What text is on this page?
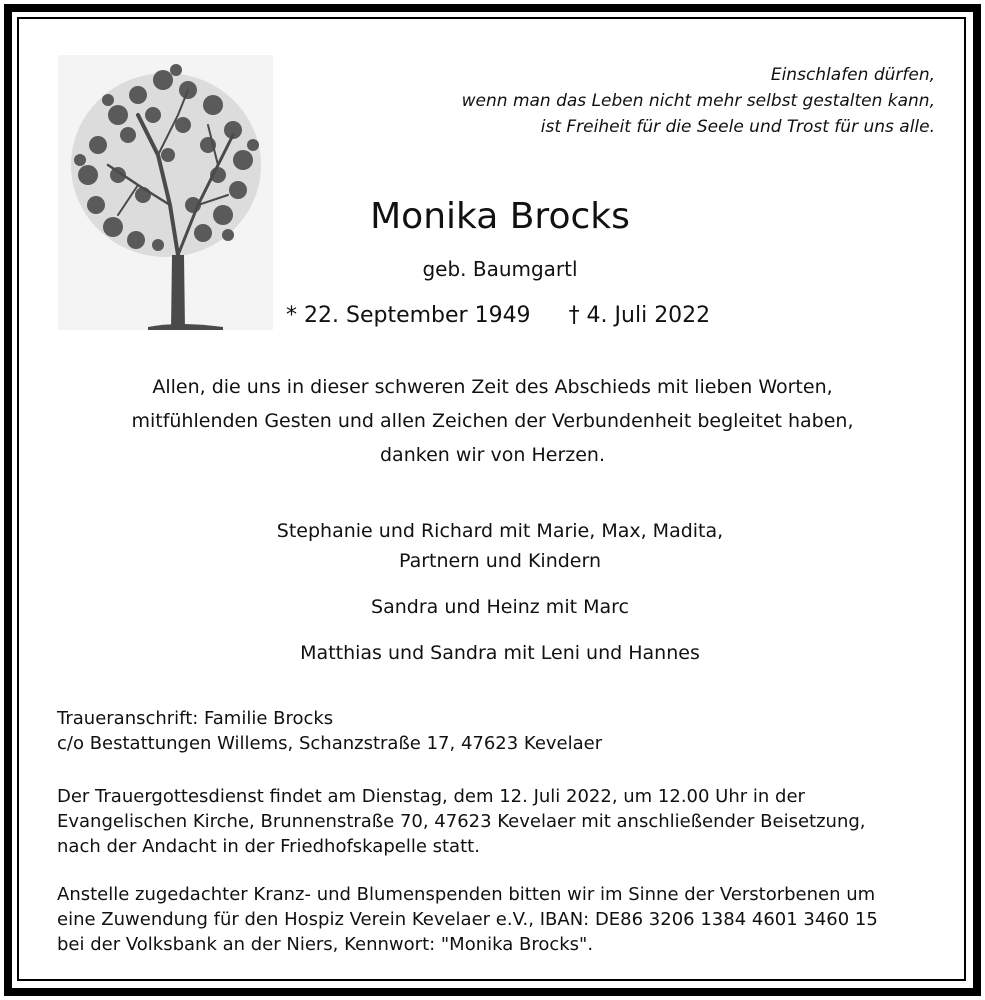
Einschlafen dürfen,
wenn man das Leben nicht mehr selbst gestalten kann,
ist Freiheit für die Seele und Trost für uns alle.
Monika Brocks
geb. Baumgartl
* 22. September 1949 † 4. Juli 2022
Allen, die uns in dieser schweren Zeit des Abschieds mit lieben Worten,
mitfühlenden Gesten und allen Zeichen der Verbundenheit begleitet haben,
danken wir von Herzen.
Stephanie und Richard mit Marie, Max, Madita,
Partnern und Kindern
Sandra und Heinz mit Marc
Matthias und Sandra mit Leni und Hannes
Traueranschrift: Familie Brocks
c/o Bestattungen Willems, Schanzstraße 17, 47623 Kevelaer
Der Trauergottesdienst findet am Dienstag, dem 12. Juli 2022, um 12.00 Uhr in der
Evangelischen Kirche, Brunnenstraße 70, 47623 Kevelaer mit anschließender Beisetzung,
nach der Andacht in der Friedhofskapelle statt.
Anstelle zugedachter Kranz- und Blumenspenden bitten wir im Sinne der Verstorbenen um
eine Zuwendung für den Hospiz Verein Kevelaer e.V., IBAN: DE86 3206 1384 4601 3460 15
bei der Volksbank an der Niers, Kennwort: "Monika Brocks".
